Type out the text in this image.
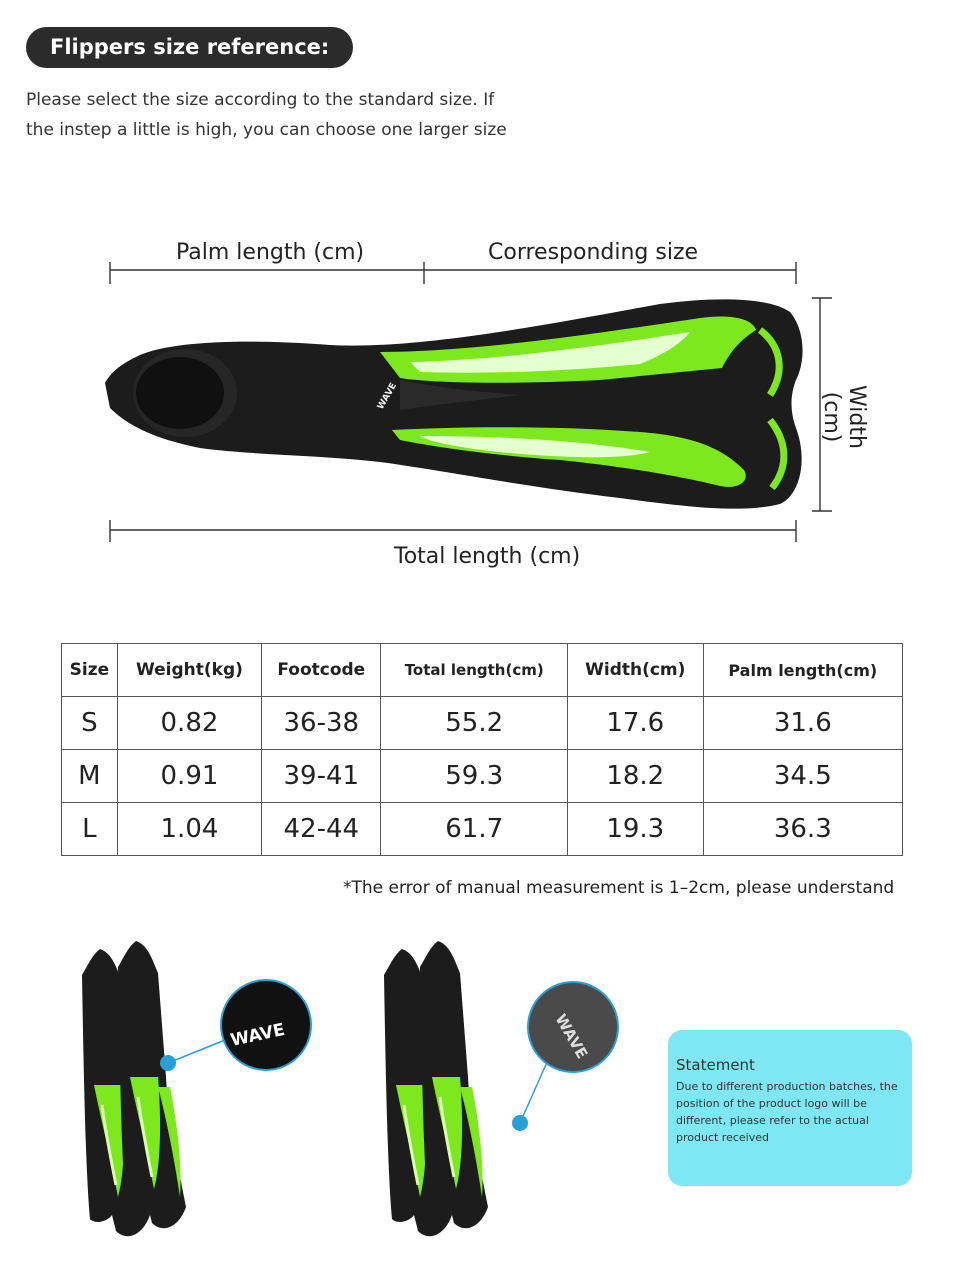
Flippers size reference:
Please select the size according to the standard size. If
the instep a little is high, you can choose one larger size
WAVE
WAVE	WAVE
Palm length (cm)	Corresponding size
Width (cm)
Total length (cm)
Size	Weight(kg)	Footcode	Total length(cm)	Width(cm)	Palm length(cm)
S	0.82	36-38	55.2	17.6	31.6
M	0.91	39-41	59.3	18.2	34.5
L	1.04	42-44	61.7	19.3	36.3
*The error of manual measurement is 1–2cm, please understand
Statement
Due to different production batches, the position of the product logo will be different, please refer to the actual product received
